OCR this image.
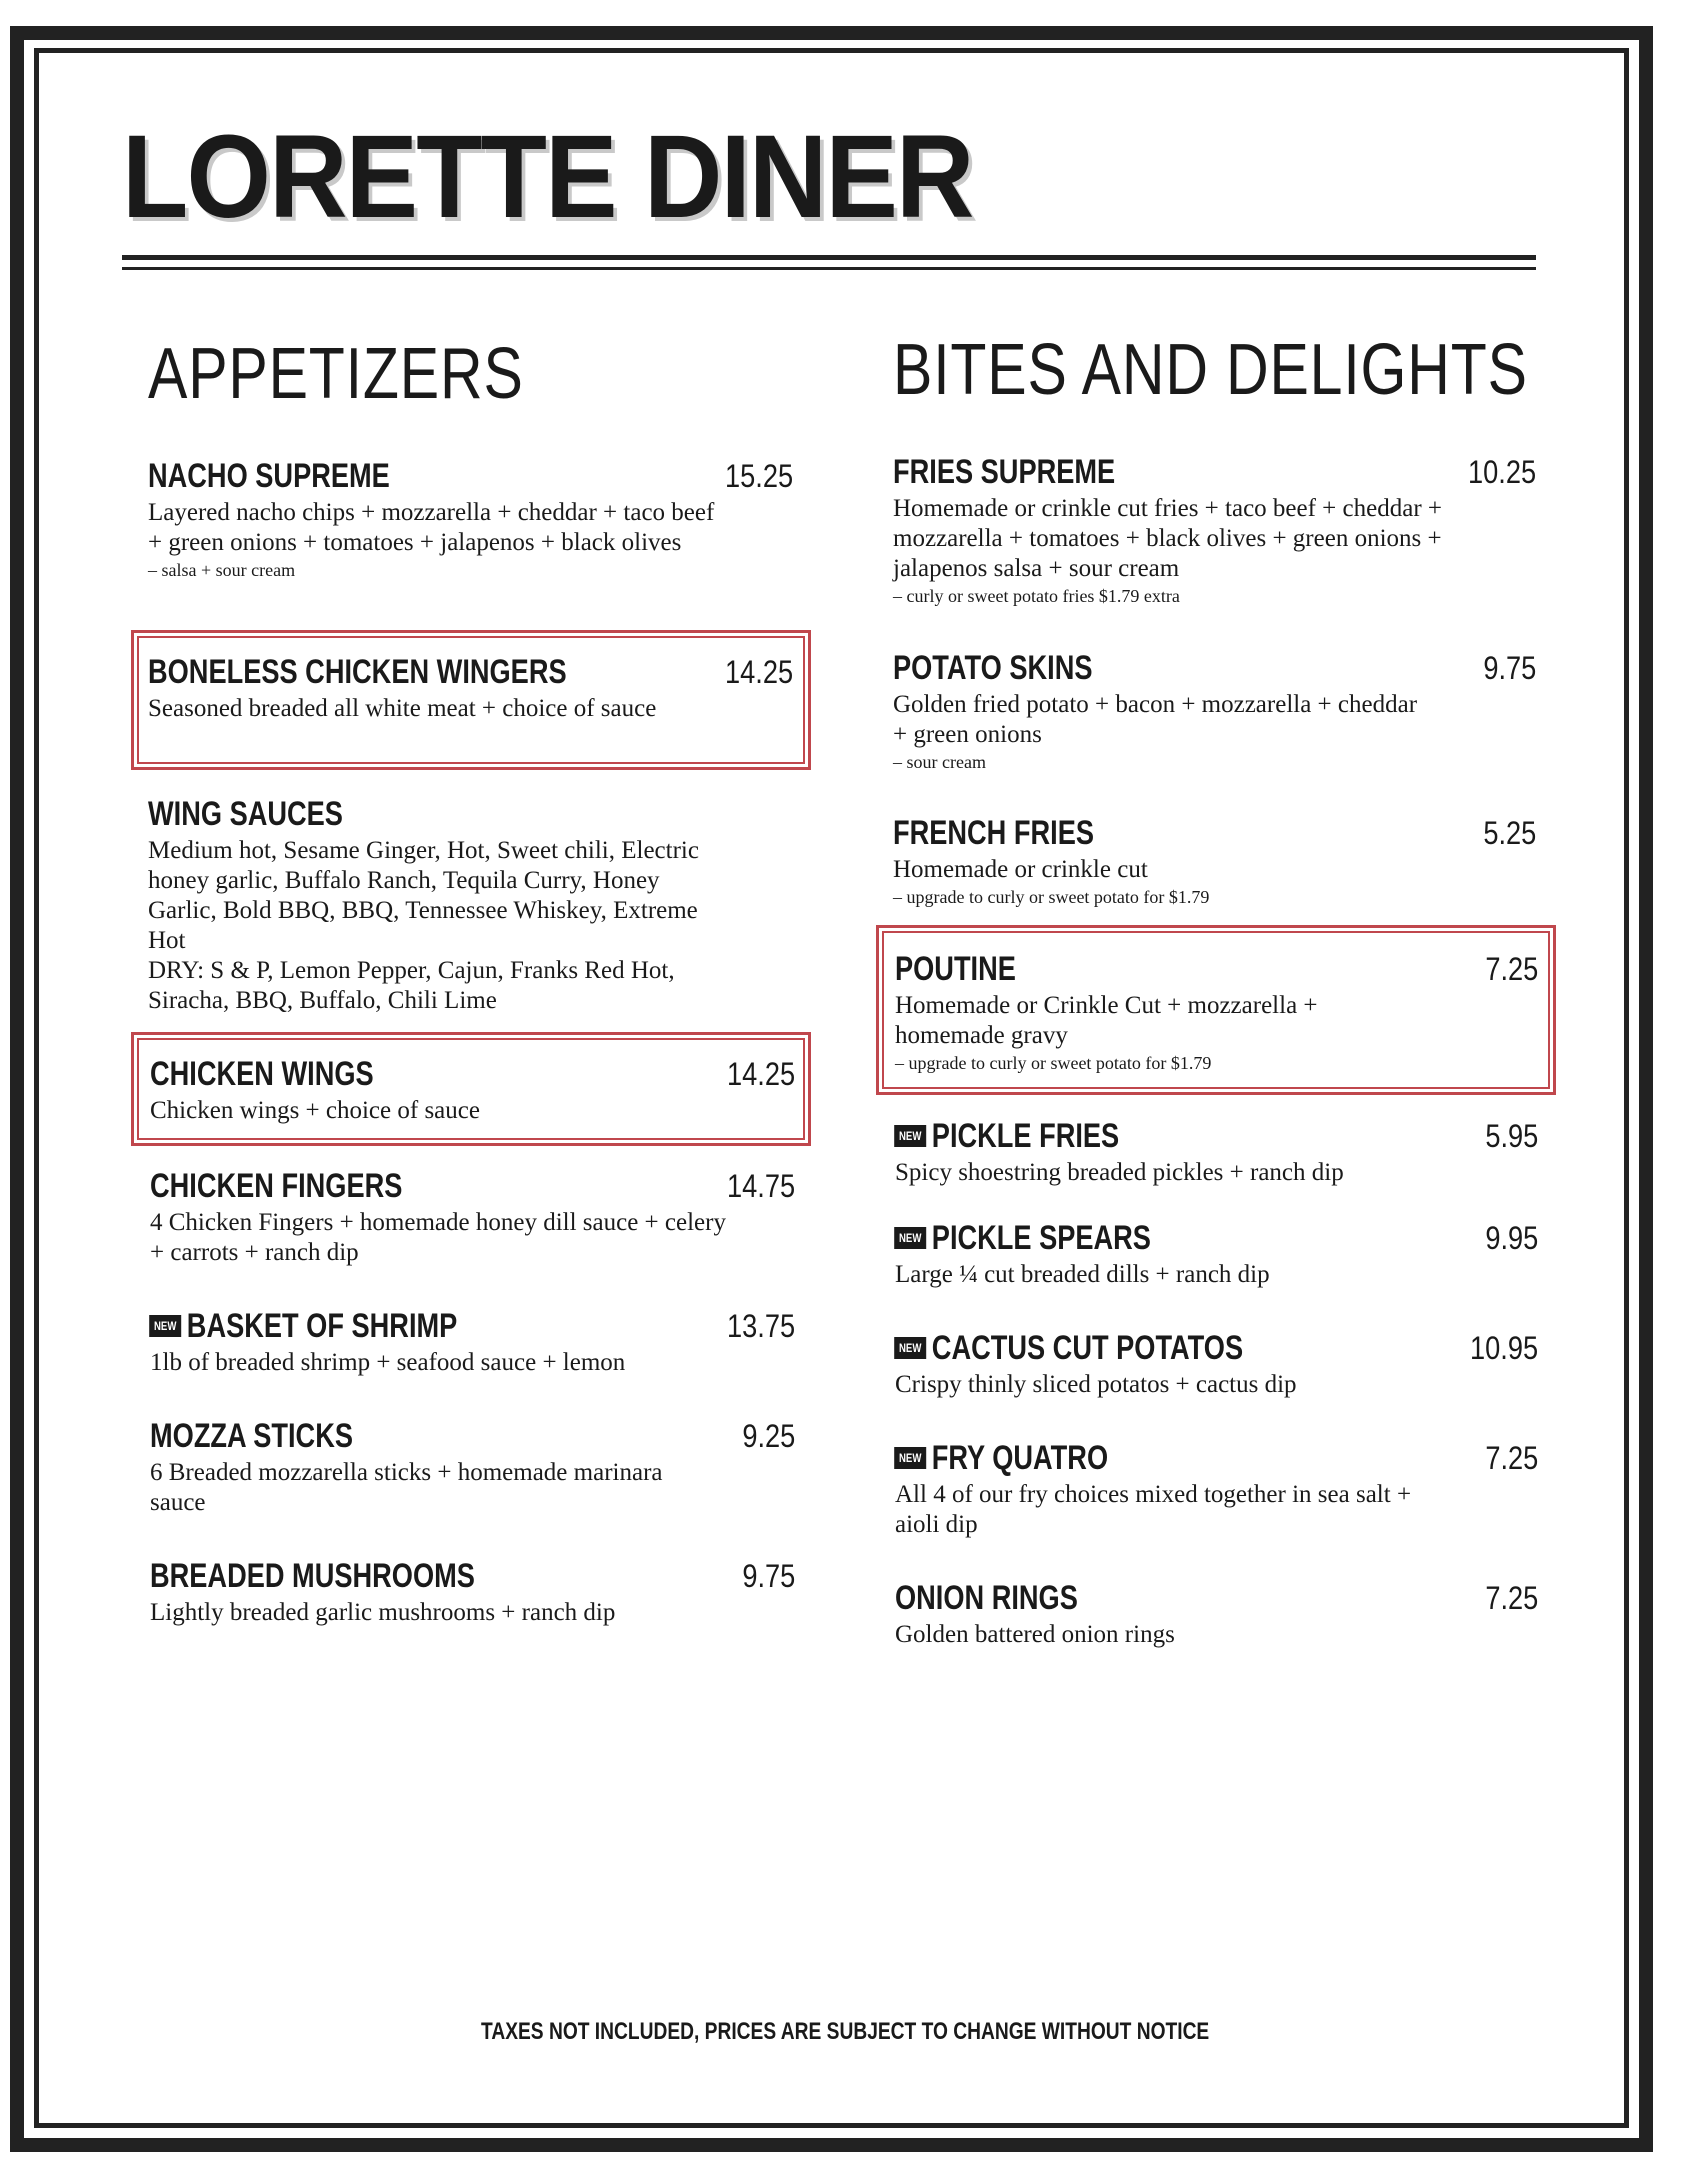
LORETTE DINER
APPETIZERS
NACHO SUPREME	15.25
Layered nacho chips + mozzarella + cheddar + taco beef + green onions + tomatoes + jalapenos + black olives
– salsa + sour cream
BONELESS CHICKEN WINGERS	14.25
Seasoned breaded all white meat + choice of sauce
WING SAUCES
Medium hot, Sesame Ginger, Hot, Sweet chili, Electric honey garlic, Buffalo Ranch, Tequila Curry, Honey Garlic, Bold BBQ, BBQ, Tennessee Whiskey, Extreme Hot
DRY: S & P, Lemon Pepper, Cajun, Franks Red Hot, Siracha, BBQ, Buffalo, Chili Lime
CHICKEN WINGS	14.25
Chicken wings + choice of sauce
CHICKEN FINGERS	14.75
4 Chicken Fingers + homemade honey dill sauce + celery + carrots + ranch dip
NEW BASKET OF SHRIMP	13.75
1lb of breaded shrimp + seafood sauce + lemon
MOZZA STICKS	9.25
6 Breaded mozzarella sticks + homemade marinara sauce
BREADED MUSHROOMS	9.75
Lightly breaded garlic mushrooms + ranch dip
BITES AND DELIGHTS
FRIES SUPREME	10.25
Homemade or crinkle cut fries + taco beef + cheddar + mozzarella + tomatoes + black olives + green onions + jalapenos salsa + sour cream
– curly or sweet potato fries $1.79 extra
POTATO SKINS	9.75
Golden fried potato + bacon + mozzarella + cheddar + green onions
– sour cream
FRENCH FRIES	5.25
Homemade or crinkle cut
– upgrade to curly or sweet potato for $1.79
POUTINE	7.25
Homemade or Crinkle Cut + mozzarella + homemade gravy
– upgrade to curly or sweet potato for $1.79
NEW PICKLE FRIES	5.95
Spicy shoestring breaded pickles + ranch dip
NEW PICKLE SPEARS	9.95
Large ¼ cut breaded dills + ranch dip
NEW CACTUS CUT POTATOS	10.95
Crispy thinly sliced potatos + cactus dip
NEW FRY QUATRO	7.25
All 4 of our fry choices mixed together in sea salt + aioli dip
ONION RINGS	7.25
Golden battered onion rings
TAXES NOT INCLUDED, PRICES ARE SUBJECT TO CHANGE WITHOUT NOTICE
